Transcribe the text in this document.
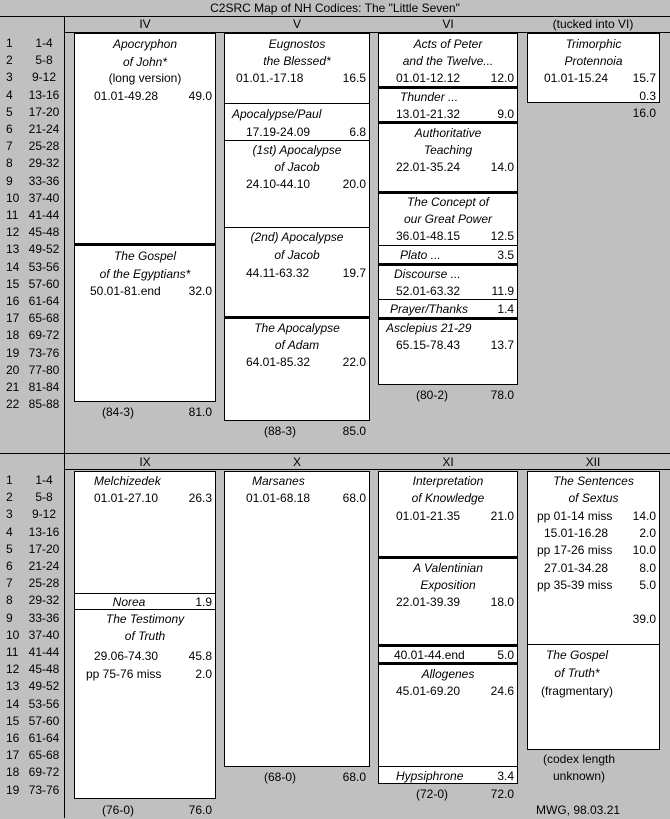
C2SRC Map of NH Codices: The "Little Seven"
IV	V	VI	(tucked into VI)
IX	X	XI	XII
1	1-4
2	5-8
3	9-12
4	13-16
5	17-20
6	21-24
7	25-28
8	29-32
9	33-36
10 37-40
11 41-44
12 45-48
13 49-52
14 53-56
15 57-60
16 61-64
17 65-68
18 69-72
19 73-76
20 77-80
21 81-84
22 85-88
1	1-4
2	5-8
3	9-12
4	13-16
5	17-20
6	21-24
7	25-28
8	29-32
9	33-36
10 37-40
11 41-44
12 45-48
13 49-52
14 53-56
15 57-60
16 61-64
17 65-68
18 69-72
19 73-76
Apocryphon
of John*
(long version)
01.01-49.28	49.0
The Gospel
of the Egyptians*
50.01-81.end	32.0
(84-3)	81.0
Eugnostos
the Blessed*
01.01.-17.18	16.5
Apocalypse/Paul
17.19-24.09	6.8
(1st) Apocalypse
of Jacob
24.10-44.10	20.0
(2nd) Apocalypse
of Jacob
44.11-63.32	19.7
The Apocalypse
of Adam
64.01-85.32	22.0
(88-3)	85.0
Acts of Peter
and the Twelve...
01.01-12.12	12.0
Thunder ...
13.01-21.32	9.0
Authoritative
Teaching
22.01-35.24	14.0
The Concept of
our Great Power
36.01-48.15	12.5
Plato ...	3.5
Discourse ...
52.01-63.32	11.9
Prayer/Thanks	1.4
Asclepius 21-29
65.15-78.43	13.7
(80-2)	78.0
Trimorphic
Protennoia
01.01-15.24	15.7
0.3
16.0
Melchizedek
01.01-27.10	26.3
Norea	1.9
The Testimony
of Truth
29.06-74.30	45.8
pp 75-76 miss	2.0
(76-0)	76.0
Marsanes
01.01-68.18	68.0
(68-0)	68.0
Interpretation
of Knowledge
01.01-21.35	21.0
A Valentinian
Exposition
22.01-39.39	18.0
40.01-44.end	5.0
Allogenes
45.01-69.20	24.6
Hypsiphrone	3.4
(72-0)	72.0
The Sentences
of Sextus
pp 01-14 miss	14.0
15.01-16.28	2.0
pp 17-26 miss	10.0
27.01-34.28	8.0
pp 35-39 miss	5.0
39.0
The Gospel
of Truth*
(fragmentary)
(codex length
unknown)
MWG, 98.03.21
